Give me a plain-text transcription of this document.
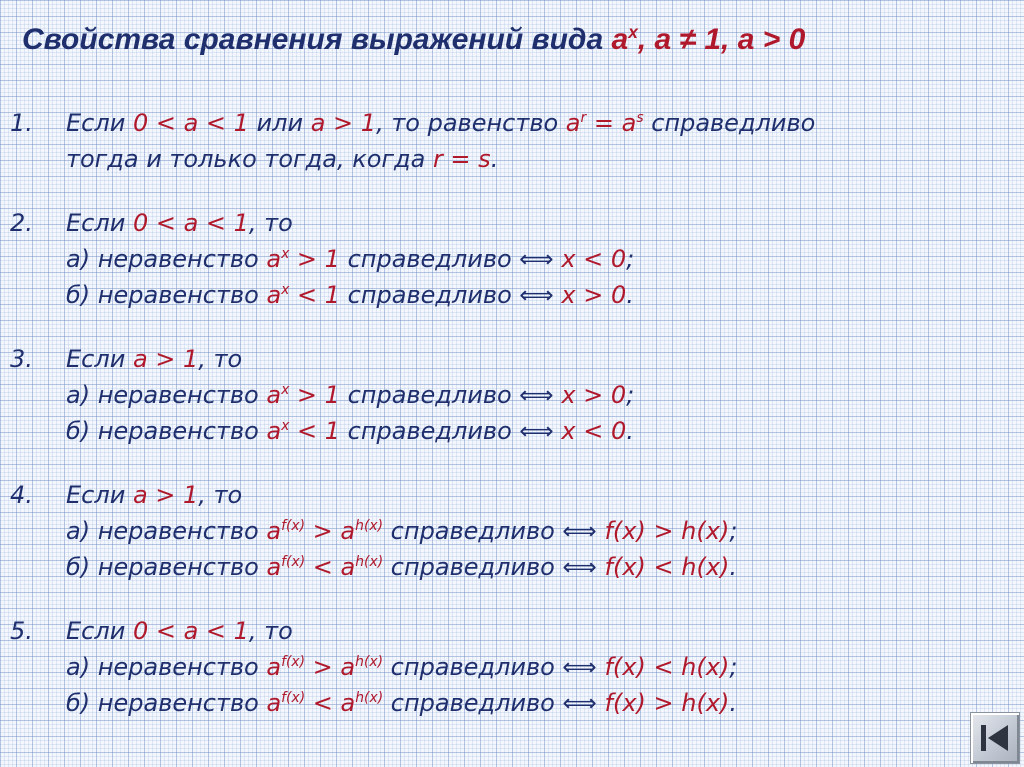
Свойства сравнения выражений вида $a^x$, a ≠ 1, a > 0
1.	Если 0 < a < 1 или a > 1, то равенство $a^r = a^s$ справедливо
тогда и только тогда, когда r = s.
2.	Если 0 < a < 1, то
а) неравенство $a^x > 1$ справедливо ⟺ x < 0;
б) неравенство $a^x < 1$ справедливо ⟺ x > 0.
3.	Если a > 1, то
а) неравенство $a^x > 1$ справедливо ⟺ x > 0;
б) неравенство $a^x < 1$ справедливо ⟺ x < 0.
4.	Если a > 1, то
а) неравенство $a^{f(x)} > a^{h(x)}$ справедливо ⟺ f(x) > h(x);
б) неравенство $a^{f(x)} < a^{h(x)}$ справедливо ⟺ f(x) < h(x).
5.	Если 0 < a < 1, то
а) неравенство $a^{f(x)} > a^{h(x)}$ справедливо ⟺ f(x) < h(x);
б) неравенство $a^{f(x)} < a^{h(x)}$ справедливо ⟺ f(x) > h(x).
